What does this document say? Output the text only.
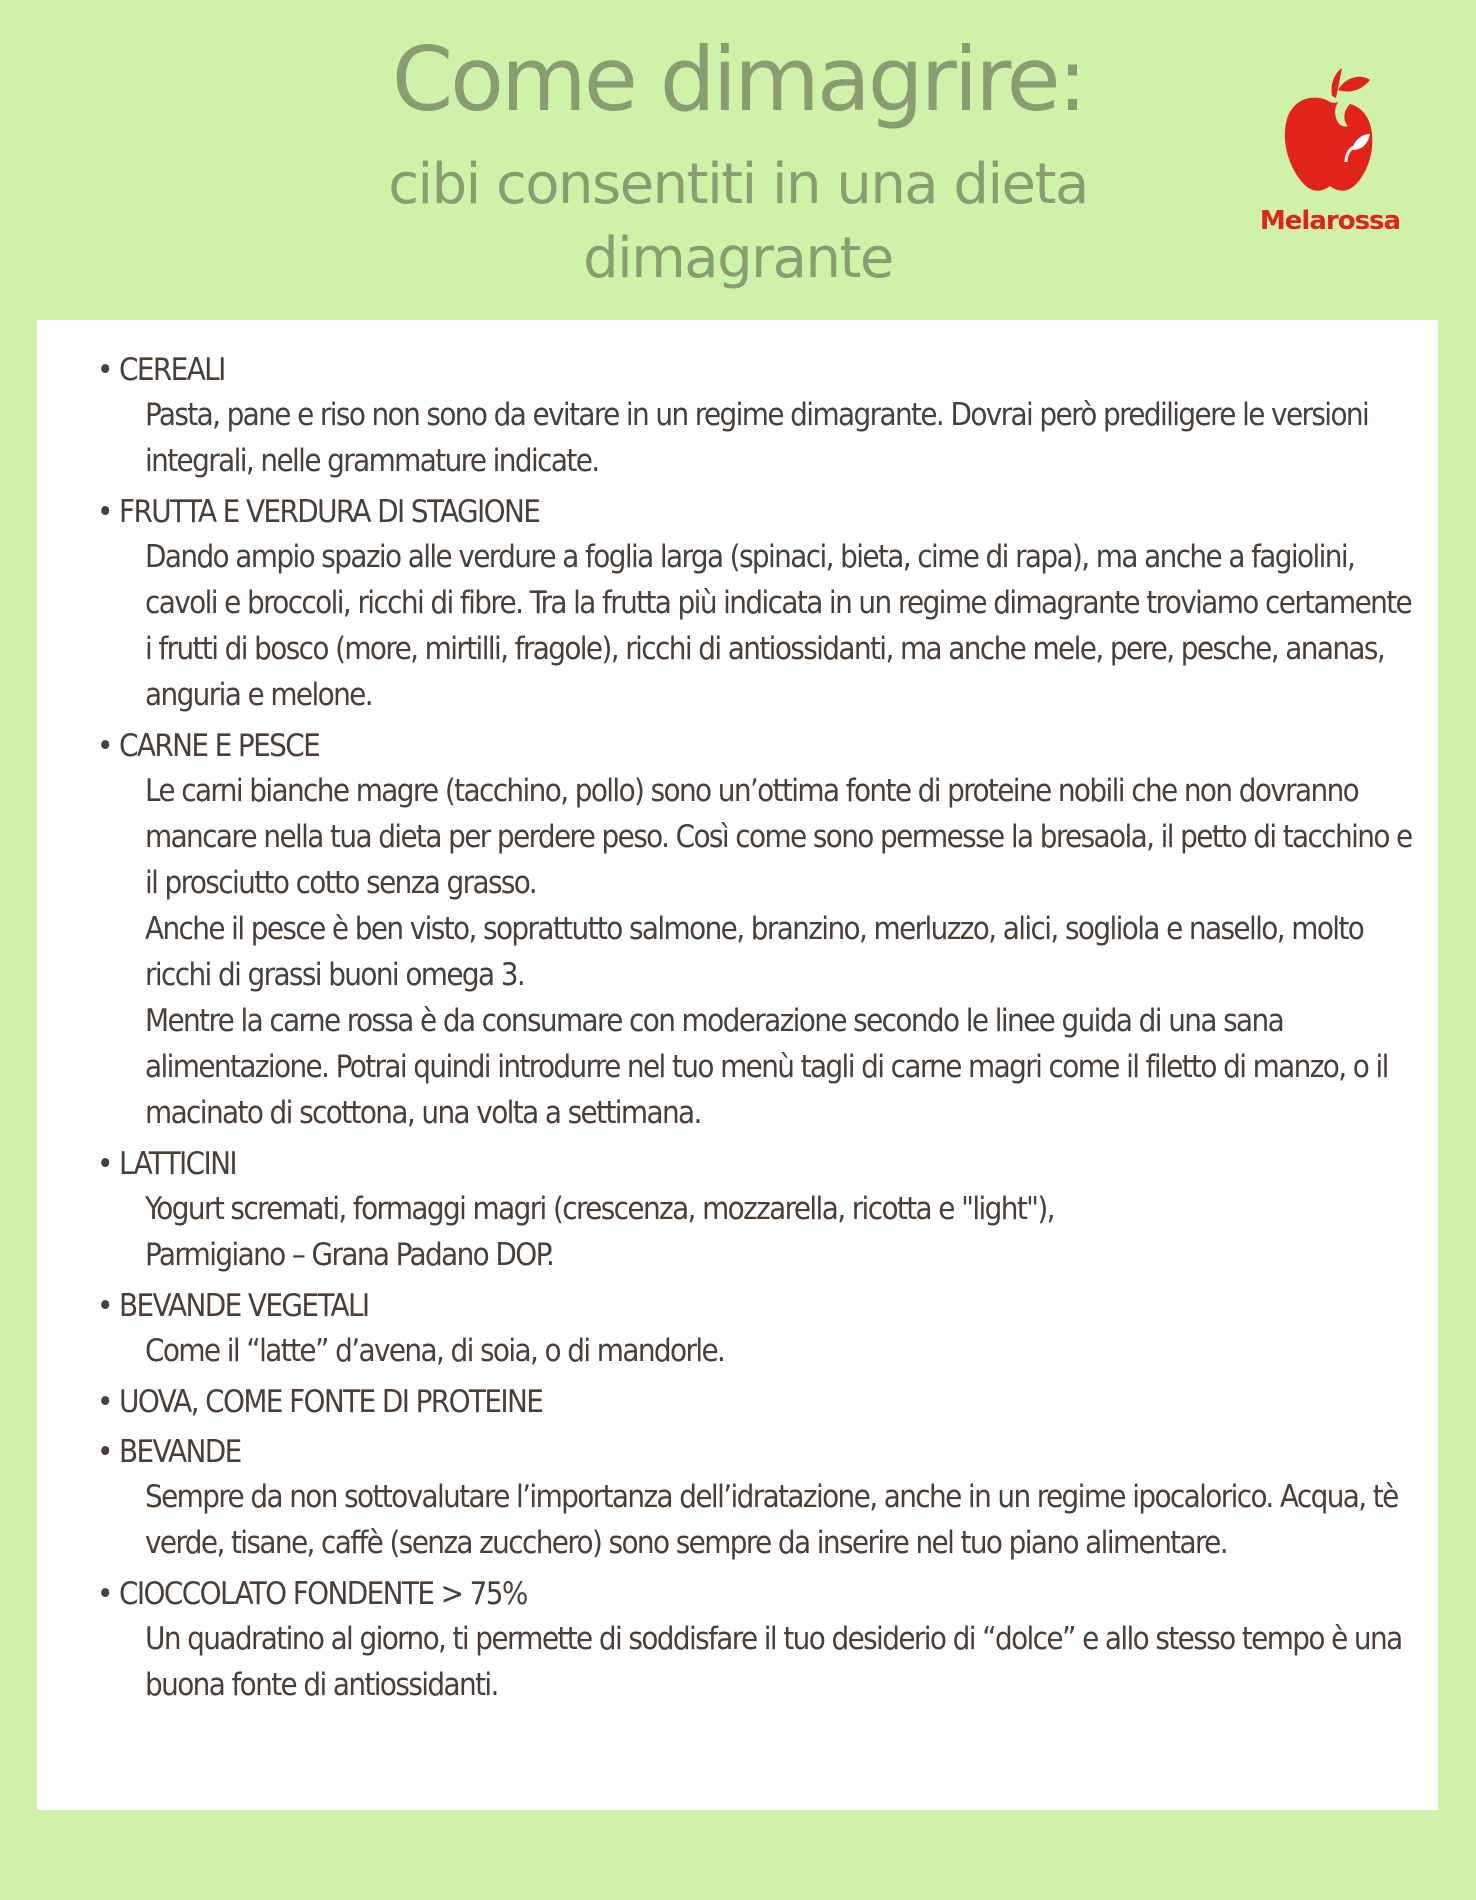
Come dimagrire:
cibi consentiti in una dieta dimagrante
Melarossa
• CEREALI
Pasta, pane e riso non sono da evitare in un regime dimagrante. Dovrai però prediligere le versioni integrali, nelle grammature indicate.
• FRUTTA E VERDURA DI STAGIONE
Dando ampio spazio alle verdure a foglia larga (spinaci, bieta, cime di rapa), ma anche a fagiolini, cavoli e broccoli, ricchi di fibre. Tra la frutta più indicata in un regime dimagrante troviamo certamente i frutti di bosco (more, mirtilli, fragole), ricchi di antiossidanti, ma anche mele, pere, pesche, ananas, anguria e melone.
• CARNE E PESCE
Le carni bianche magre (tacchino, pollo) sono un’ottima fonte di proteine nobili che non dovranno mancare nella tua dieta per perdere peso. Così come sono permesse la bresaola, il petto di tacchino e il prosciutto cotto senza grasso.
Anche il pesce è ben visto, soprattutto salmone, branzino, merluzzo, alici, sogliola e nasello, molto ricchi di grassi buoni omega 3.
Mentre la carne rossa è da consumare con moderazione secondo le linee guida di una sana alimentazione. Potrai quindi introdurre nel tuo menù tagli di carne magri come il filetto di manzo, o il macinato di scottona, una volta a settimana.
• LATTICINI
Yogurt scremati, formaggi magri (crescenza, mozzarella, ricotta e "light"),
Parmigiano – Grana Padano DOP.
• BEVANDE VEGETALI
Come il “latte” d’avena, di soia, o di mandorle.
• UOVA, COME FONTE DI PROTEINE
• BEVANDE
Sempre da non sottovalutare l’importanza dell’idratazione, anche in un regime ipocalorico. Acqua, tè verde, tisane, caffè (senza zucchero) sono sempre da inserire nel tuo piano alimentare.
• CIOCCOLATO FONDENTE > 75%
Un quadratino al giorno, ti permette di soddisfare il tuo desiderio di “dolce” e allo stesso tempo è una buona fonte di antiossidanti.
